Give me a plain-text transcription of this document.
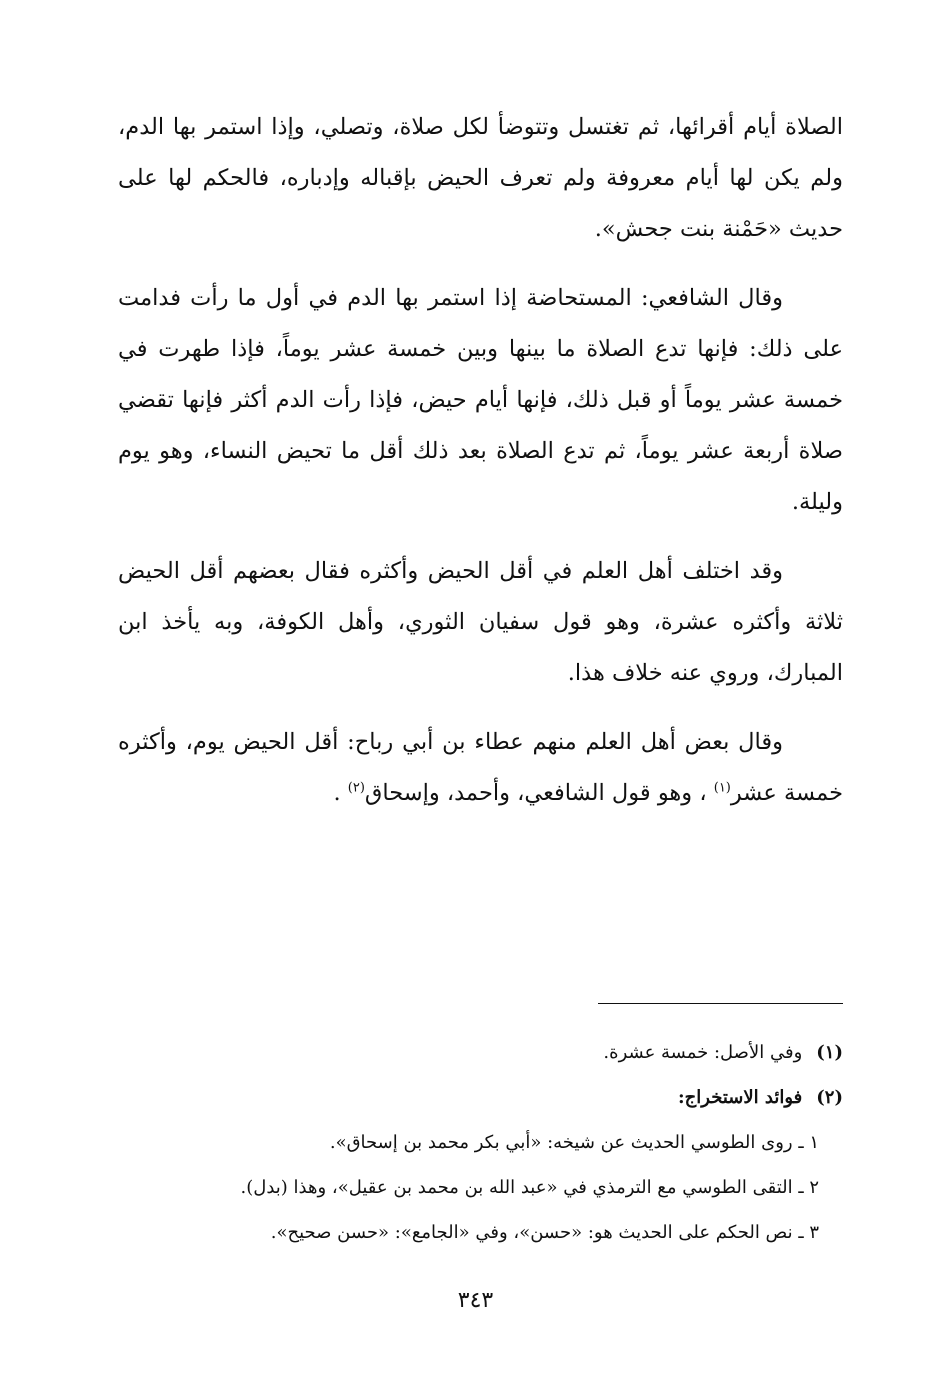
الصلاة أيام أقرائها، ثم تغتسل وتتوضأ لكل صلاة، وتصلي، وإذا استمر بها الدم، ولم يكن لها أيام معروفة ولم تعرف الحيض بإقباله وإدباره، فالحكم لها على حديث «حَمْنة بنت جحش».

وقال الشافعي: المستحاضة إذا استمر بها الدم في أول ما رأت فدامت على ذلك: فإنها تدع الصلاة ما بينها وبين خمسة عشر يوماً، فإذا طهرت في خمسة عشر يوماً أو قبل ذلك، فإنها أيام حيض، فإذا رأت الدم أكثر فإنها تقضي صلاة أربعة عشر يوماً، ثم تدع الصلاة بعد ذلك أقل ما تحيض النساء، وهو يوم وليلة.

وقد اختلف أهل العلم في أقل الحيض وأكثره فقال بعضهم أقل الحيض ثلاثة وأكثره عشرة، وهو قول سفيان الثوري، وأهل الكوفة، وبه يأخذ ابن المبارك، وروي عنه خلاف هذا.

وقال بعض أهل العلم منهم عطاء بن أبي رباح: أقل الحيض يوم، وأكثره خمسة عشر$^{(١)}$ ، وهو قول الشافعي، وأحمد، وإسحاق$^{(٢)}$ .

(١)وفي الأصل: خمسة عشرة.

(٢)فوائد الاستخراج:

١ ـ روى الطوسي الحديث عن شيخه: «أبي بكر محمد بن إسحاق».

٢ ـ التقى الطوسي مع الترمذي في «عبد الله بن محمد بن عقيل»، وهذا (بدل).

٣ ـ نص الحكم على الحديث هو: «حسن»، وفي «الجامع»: «حسن صحيح».

٣٤٣
